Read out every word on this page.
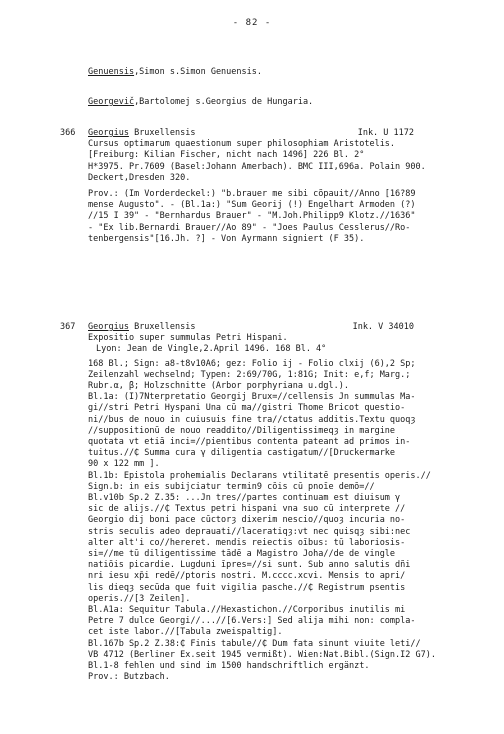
- 82 -
Genuensis,Simon s.Simon Genuensis.
Georgevič,Bartolomej s.Georgius de Hungaria.
366	Georgius Bruxellensis	Ink. U 1172
Cursus optimarum quaestionum super philosophiam Aristotelis.
[Freiburg: Kilian Fischer, nicht nach 1496] 226 Bl. 2°
H*3975. Pr.7609 (Basel:Johann Amerbach). BMC III,696a. Polain 900.
Deckert,Dresden 320.
Prov.: (Im Vorderdeckel:) "b.brauer me sibi cõpauit//Anno [16?89
mense Augusto". - (Bl.1a:) "Sum Georij (!) Engelhart Armoden (?)
//15 I 39" - "Bernhardus Brauer" - "M.Joh.Philipp9 Klotz.//1636"
- "Ex lib.Bernardi Brauer//Ao 89" - "Joes Paulus Cesslerus//Ro-
tenbergensis"[16.Jh. ?] - Von Ayrmann signiert (F 35).
367	Georgius Bruxellensis	Ink. V 34010
Expositio super summulas Petri Hispani.
Lyon: Jean de Vingle,2.April 1496. 168 Bl. 4°
168 Bl.; Sign: a8-t8v10A6; gez: Folio ij - Folio clxij (6),2 Sp;
Zeilenzahl wechselnd; Typen: 2:69/70G, 1:81G; Init: e,f; Marg.;
Rubr.α, β; Holzschnitte (Arbor porphyriana u.dgl.).
Bl.1a: (I)7Nterpretatio Georgij Brux=//cellensis Jn summulas Ma-
gi//stri Petri Hyspani Una cū ma//gistri Thome Bricot questio-
ni//bus de nouo in cuiusuis fine tra//ctatus additis.Textu quoqȝ
//suppositionū de nouo readdito//Diligentissimeqȝ in margine
quotata vt etiā inci=//pientibus contenta pateant ad primos in-
tuitus.//₵ Summa cura γ diligentia castigatum//[Druckermarke
90 x 122 mm ].
Bl.1b: Epistola prohemialis Declarans vtilitatē presentis operis.//
Sign.b: in eis subijciatur termin9 cōis cū pnoīe demō=//
Bl.v10b Sp.2 Z.35: ...Jn tres//partes continuam est diuisum γ
sic de alijs.//₵ Textus petri hispani vna suo cū interprete //
Georgio dij boni pace cūctorȝ dixerim nescio//quoȝ incuria no-
stris seculis adeo deprauati//laceratiqȝ:vt nec quisqȝ sibi:nec
alter alt'i co//hereret. mendis reiectis oībus: tū laboriosis-
si=//me tū diligentissime tādē a Magistro Joha//de de vingle
natiōis picardie. Lugduni īpres=//si sunt. Sub anno salutis dñi
nri iesu xp̄i redē//ptoris nostri. M.cccc.xcvi. Mensis to apri/
lis dieqȝ secūda que fuit vigilia pasche.//₵ Registrum psentis
operis.//[3 Zeilen].
Bl.A1a: Sequitur Tabula.//Hexastichon.//Corporibus inutilis mi
Petre 7 dulce Georgi//...//[6.Vers:] Sed alija mihi non: compla-
cet iste labor.//[Tabula zweispaltig].
Bl.167b Sp.2 Z.38:₵ Finis tabule//₵ Dum fata sinunt viuite leti//
VB 4712 (Berliner Ex.seit 1945 vermißt). Wien:Nat.Bibl.(Sign.I2 G7).
Bl.1-8 fehlen und sind im 1500 handschriftlich ergänzt.
Prov.: Butzbach.
